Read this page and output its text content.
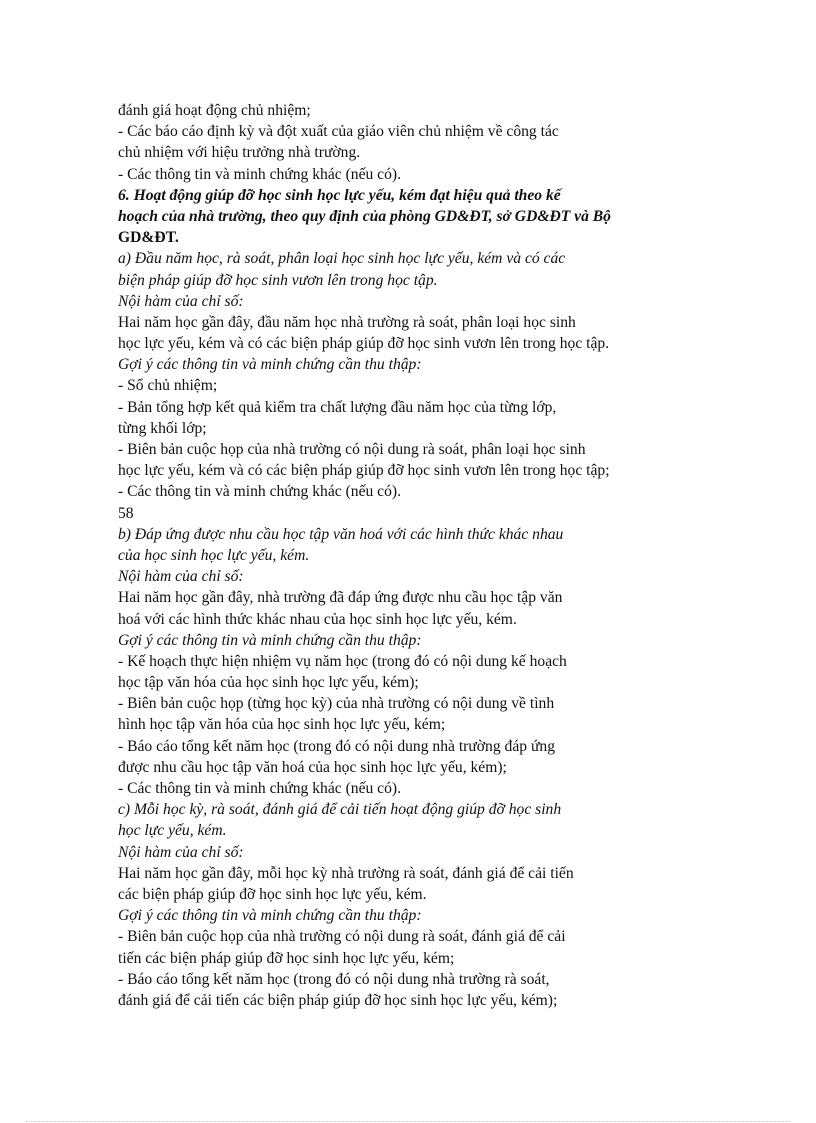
đánh giá hoạt động chủ nhiệm;
- Các báo cáo định kỳ và đột xuất của giáo viên chủ nhiệm về công tác
chủ nhiệm với hiệu trưởng nhà trường.
- Các thông tin và minh chứng khác (nếu có).
6. Hoạt động giúp đỡ học sinh học lực yếu, kém đạt hiệu quả theo kế
hoạch của nhà trường, theo quy định của phòng GD&ĐT, sở GD&ĐT và Bộ
GD&ĐT.
a) Đầu năm học, rà soát, phân loại học sinh học lực yếu, kém và có các
biện pháp giúp đỡ học sinh vươn lên trong học tập.
Nội hàm của chỉ số:
Hai năm học gần đây, đầu năm học nhà trường rà soát, phân loại học sinh
học lực yếu, kém và có các biện pháp giúp đỡ học sinh vươn lên trong học tập.
Gợi ý các thông tin và minh chứng cần thu thập:
- Sổ chủ nhiệm;
- Bản tổng hợp kết quả kiểm tra chất lượng đầu năm học của từng lớp,
từng khối lớp;
- Biên bản cuộc họp của nhà trường có nội dung rà soát, phân loại học sinh
học lực yếu, kém và có các biện pháp giúp đỡ học sinh vươn lên trong học tập;
- Các thông tin và minh chứng khác (nếu có).
58
b) Đáp ứng được nhu cầu học tập văn hoá với các hình thức khác nhau
của học sinh học lực yếu, kém.
Nội hàm của chỉ số:
Hai năm học gần đây, nhà trường đã đáp ứng được nhu cầu học tập văn
hoá với các hình thức khác nhau của học sinh học lực yếu, kém.
Gợi ý các thông tin và minh chứng cần thu thập:
- Kế hoạch thực hiện nhiệm vụ năm học (trong đó có nội dung kế hoạch
học tập văn hóa của học sinh học lực yếu, kém);
- Biên bản cuộc họp (từng học kỳ) của nhà trường có nội dung về tình
hình học tập văn hóa của học sinh học lực yếu, kém;
- Báo cáo tổng kết năm học (trong đó có nội dung nhà trường đáp ứng
được nhu cầu học tập văn hoá của học sinh học lực yếu, kém);
- Các thông tin và minh chứng khác (nếu có).
c) Mỗi học kỳ, rà soát, đánh giá để cải tiến hoạt động giúp đỡ học sinh
học lực yếu, kém.
Nội hàm của chỉ số:
Hai năm học gần đây, mỗi học kỳ nhà trường rà soát, đánh giá để cải tiến
các biện pháp giúp đỡ học sinh học lực yếu, kém.
Gợi ý các thông tin và minh chứng cần thu thập:
- Biên bản cuộc họp của nhà trường có nội dung rà soát, đánh giá để cải
tiến các biện pháp giúp đỡ học sinh học lực yếu, kém;
- Báo cáo tổng kết năm học (trong đó có nội dung nhà trường rà soát,
đánh giá để cải tiến các biện pháp giúp đỡ học sinh học lực yếu, kém);
